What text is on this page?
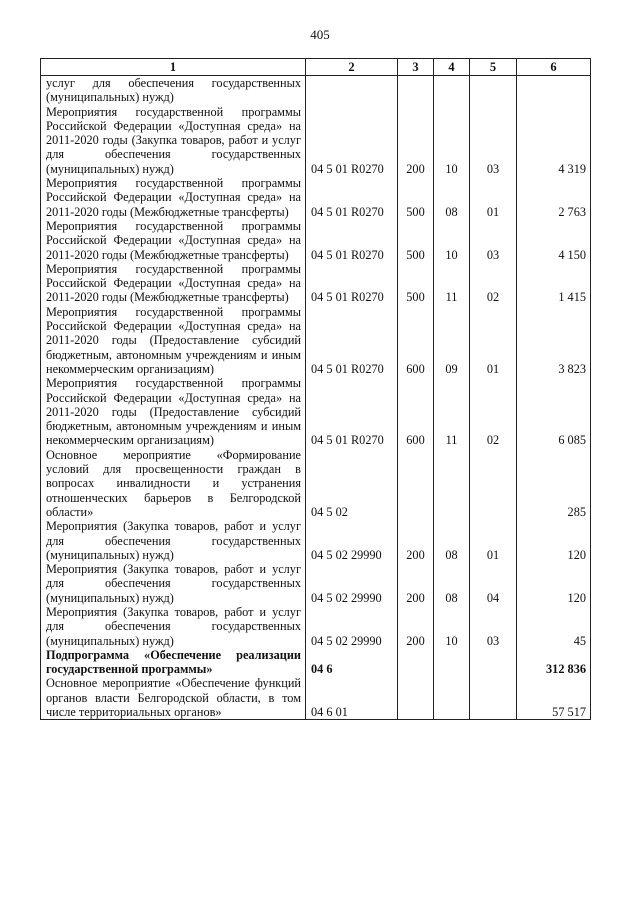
405
1	2	3	4	5	6
услуг для обеспечения государственных (муниципальных) нужд)					
Мероприятия государственной программы Российской Федерации «Доступная среда» на 2011-2020 годы (Закупка товаров, работ и услуг для обеспечения государственных (муниципальных) нужд)	04 5 01 R0270	200	10	03	4 319
Мероприятия государственной программы Российской Федерации «Доступная среда» на 2011-2020 годы (Межбюджетные трансферты)	04 5 01 R0270	500	08	01	2 763
Мероприятия государственной программы Российской Федерации «Доступная среда» на 2011-2020 годы (Межбюджетные трансферты)	04 5 01 R0270	500	10	03	4 150
Мероприятия государственной программы Российской Федерации «Доступная среда» на 2011-2020 годы (Межбюджетные трансферты)	04 5 01 R0270	500	11	02	1 415
Мероприятия государственной программы Российской Федерации «Доступная среда» на 2011-2020 годы (Предоставление субсидий бюджетным, автономным учреждениям и иным некоммерческим организациям)	04 5 01 R0270	600	09	01	3 823
Мероприятия государственной программы Российской Федерации «Доступная среда» на 2011-2020 годы (Предоставление субсидий бюджетным, автономным учреждениям и иным некоммерческим организациям)	04 5 01 R0270	600	11	02	6 085
Основное мероприятие «Формирование условий для просвещенности граждан в вопросах инвалидности и устранения отношенческих барьеров в Белгородской области»	04 5 02				285
Мероприятия (Закупка товаров, работ и услуг для обеспечения государственных (муниципальных) нужд)	04 5 02 29990	200	08	01	120
Мероприятия (Закупка товаров, работ и услуг для обеспечения государственных (муниципальных) нужд)	04 5 02 29990	200	08	04	120
Мероприятия (Закупка товаров, работ и услуг для обеспечения государственных (муниципальных) нужд)	04 5 02 29990	200	10	03	45
Подпрограмма «Обеспечение реализации государственной программы»	04 6				312 836
Основное мероприятие «Обеспечение функций органов власти Белгородской области, в том числе территориальных органов»	04 6 01				57 517
